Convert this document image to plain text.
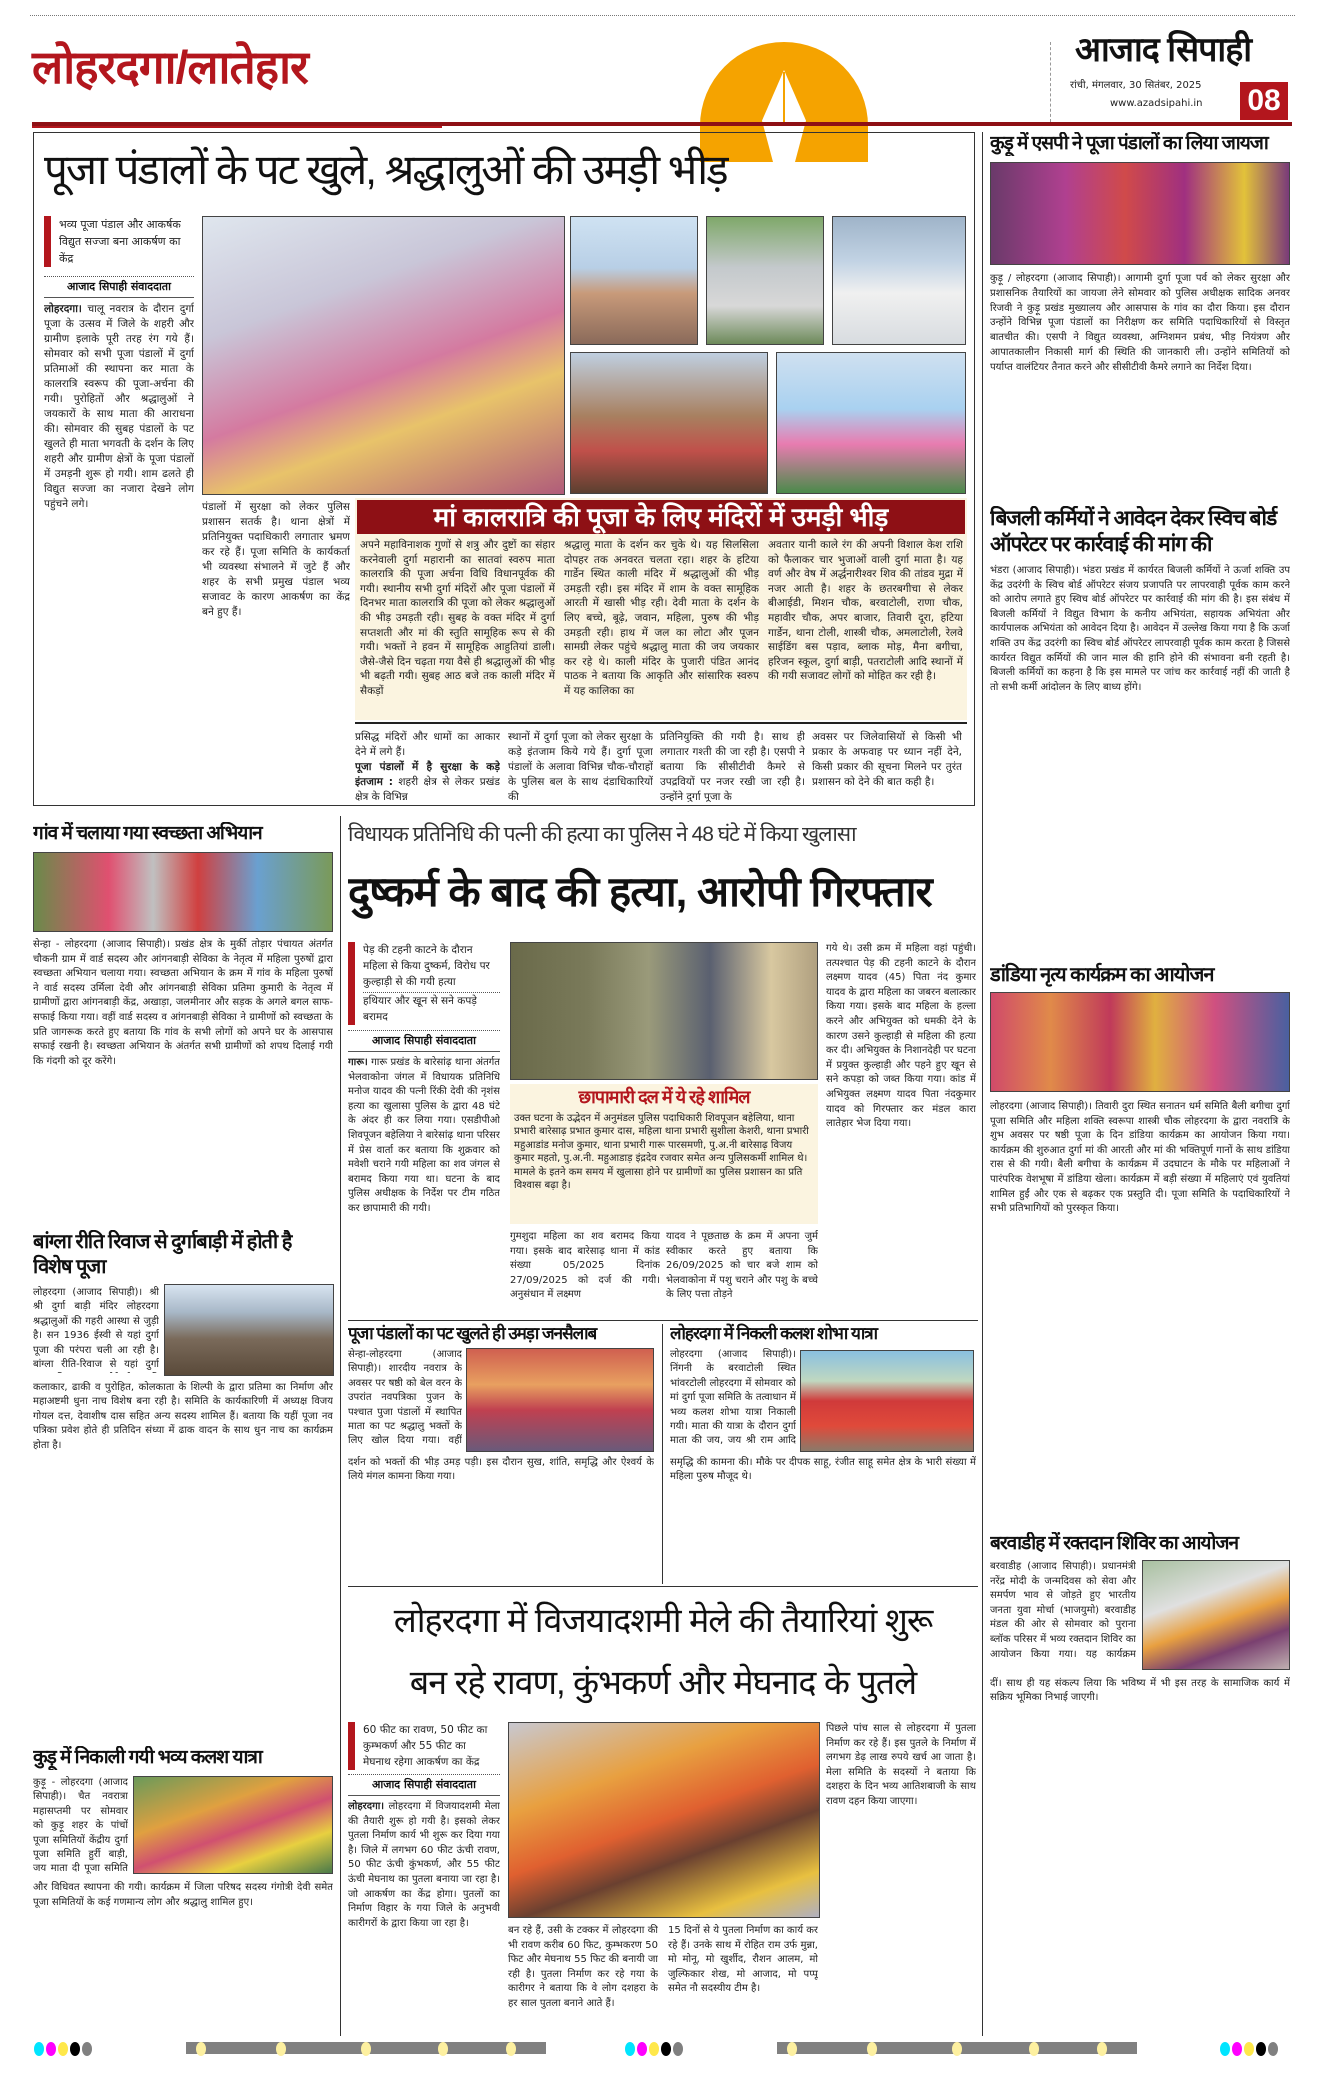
लोहरदगा/लातेहार	आजाद सिपाही
रांची, मंगलवार, 30 सितंबर, 2025
www.azadsipahi.in 08
पूजा पंडालों के पट खुले, श्रद्धालुओं की उमड़ी भीड़
भव्य पूजा पंडाल और आकर्षक
विद्युत सज्जा बना आकर्षण का केंद्र
आजाद सिपाही संवाददाता
लोहरदगा। चालू नवरात्र के दौरान दुर्गा पूजा के उत्सव में जिले के शहरी और ग्रामीण इलाके पूरी तरह रंग गये हैं। सोमवार को सभी पूजा पंडालों में दुर्गा प्रतिमाओं की स्थापना कर माता के कालरात्रि स्वरूप की पूजा-अर्चना की गयी। पुरोहितों और श्रद्धालुओं ने जयकारों के साथ माता की आराधना की। सोमवार की सुबह पंडालों के पट खुलते ही माता भगवती के दर्शन के लिए शहरी और ग्रामीण क्षेत्रों के पूजा पंडालों में उमड़नी शुरू हो गयी। शाम ढलते ही विद्युत सज्जा का नजारा देखने लोग पहुंचने लगे।	पंडालों में सुरक्षा को लेकर पुलिस प्रशासन सतर्क है। थाना क्षेत्रों में प्रतिनियुक्त पदाधिकारी लगातार भ्रमण कर रहे हैं। पूजा समिति के कार्यकर्ता भी व्यवस्था संभालने में जुटे हैं और शहर के सभी प्रमुख पंडाल भव्य सजावट के कारण आकर्षण का केंद्र बने हुए हैं।
मां कालरात्रि की पूजा के लिए मंदिरों में उमड़ी भीड़
अपने महाविनाशक गुणों से शत्रु और दुष्टों का संहार करनेवाली दुर्गा महारानी का सातवां स्वरुप माता कालरात्रि की पूजा अर्चना विधि विधानपूर्वक की गयी। स्थानीय सभी दुर्गा मंदिरों और पूजा पंडालों में दिनभर माता कालरात्रि की पूजा को लेकर श्रद्धालुओं की भीड़ उमड़ती रही। सुबह के वक्त मंदिर में दुर्गा सप्तशती और मां की स्तुति सामूहिक रूप से की गयी। भक्तों ने हवन में सामूहिक आहुतियां डाली। जैसे-जैसे दिन चढ़ता गया वैसे ही श्रद्धालुओं की भीड़ भी बढ़ती गयी। सुबह आठ बजे तक काली मंदिर में सैकड़ों
श्रद्धालु माता के दर्शन कर चुके थे। यह सिलसिला दोपहर तक अनवरत चलता रहा। शहर के हटिया गार्डेन स्थित काली मंदिर में श्रद्धालुओं की भीड़ उमड़ती रही। इस मंदिर में शाम के वक्त सामूहिक आरती में खासी भीड़ रही। देवी माता के दर्शन के लिए बच्चे, बूढ़े, जवान, महिला, पुरुष की भीड़ उमड़ती रही। हाथ में जल का लोटा और पूजन सामग्री लेकर पहुंचे श्रद्धालु माता की जय जयकार कर रहे थे। काली मंदिर के पुजारी पंडित आनंद पाठक ने बताया कि आकृति और सांसारिक स्वरुप में यह कालिका का
अवतार यानी काले रंग की अपनी विशाल केश राशि को फैलाकर चार भुजाओं वाली दुर्गा माता है। यह वर्ण और वेष में अर्द्धनारीश्वर शिव की तांडव मुद्रा में नजर आती है। शहर के छतरबगीचा से लेकर बीआईडी, मिशन चौक, बरवाटोली, राणा चौक, महावीर चौक, अपर बाजार, तिवारी दूरा, हटिया गार्डेन, थाना टोली, शास्त्री चौक, अमलाटोली, रेलवे साईडिंग बस पड़ाव, ब्लाक मोड़, मैना बगीचा, हरिजन स्कूल, दुर्गा बाड़ी, पतराटोली आदि स्थानों में की गयी सजावट लोगों को मोहित कर रही है।
प्रसिद्ध मंदिरों और धामों का आकार देने में लगे हैं।
पूजा पंडालों में है सुरक्षा के कड़े इंतजाम : शहरी क्षेत्र से लेकर प्रखंड क्षेत्र के विभिन्न
स्थानों में दुर्गा पूजा को लेकर सुरक्षा के कड़े इंतजाम किये गये हैं। दुर्गा पूजा पंडालों के अलावा विभिन्न चौक-चौराहों के पुलिस बल के साथ दंडाधिकारियों की
प्रतिनियुक्ति की गयी है। साथ ही लगातार गश्ती की जा रही है। एसपी ने बताया कि सीसीटीवी कैमरे से उपद्रवियों पर नजर रखी जा रही है। उन्होंने दुर्गा पूजा के
अवसर पर जिलेवासियों से किसी भी प्रकार के अफवाह पर ध्यान नहीं देने, किसी प्रकार की सूचना मिलने पर तुरंत प्रशासन को देने की बात कही है।
कुड़ू में एसपी ने पूजा पंडालों का लिया जायजा
कुड़ू / लोहरदगा (आजाद सिपाही)। आगामी दुर्गा पूजा पर्व को लेकर सुरक्षा और प्रशासनिक तैयारियों का जायजा लेने सोमवार को पुलिस अधीक्षक सादिक अनवर रिजवी ने कुड़ू प्रखंड मुख्यालय और आसपास के गांव का दौरा किया। इस दौरान उन्होंने विभिन्न पूजा पंडालों का निरीक्षण कर समिति पदाधिकारियों से विस्तृत बातचीत की। एसपी ने विद्युत व्यवस्था, अग्निशमन प्रबंध, भीड़ नियंत्रण और आपातकालीन निकासी मार्ग की स्थिति की जानकारी ली। उन्होंने समितियों को पर्याप्त वालंटियर तैनात करने और सीसीटीवी कैमरे लगाने का निर्देश दिया।
बिजली कर्मियों ने आवेदन देकर स्विच बोर्ड ऑपरेटर पर कार्रवाई की मांग की
भंडरा (आजाद सिपाही)। भंडरा प्रखंड में कार्यरत बिजली कर्मियों ने ऊर्जा शक्ति उप केंद्र उदरंगी के स्विच बोर्ड ऑपरेटर संजय प्रजापति पर लापरवाही पूर्वक काम करने को आरोप लगाते हुए स्विच बोर्ड ऑपरेटर पर कार्रवाई की मांग की है। इस संबंध में बिजली कर्मियों ने विद्युत विभाग के कनीय अभियंता, सहायक अभियंता और कार्यपालक अभियंता को आवेदन दिया है। आवेदन में उल्लेख किया गया है कि ऊर्जा शक्ति उप केंद्र उदरंगी का स्विच बोर्ड ऑपरेटर लापरवाही पूर्वक काम करता है जिससे कार्यरत विद्युत कर्मियों की जान माल की हानि होने की संभावना बनी रहती है। बिजली कर्मियों का कहना है कि इस मामले पर जांच कर कार्रवाई नहीं की जाती है तो सभी कर्मी आंदोलन के लिए बाध्य होंगे।
डांडिया नृत्य कार्यक्रम का आयोजन
लोहरदगा (आजाद सिपाही)। तिवारी दुरा स्थित सनातन धर्म समिति बैली बगीचा दुर्गा पूजा समिति और महिला शक्ति स्वरूपा शास्त्री चौक लोहरदगा के द्वारा नवरात्रि के शुभ अवसर पर षष्ठी पूजा के दिन डांडिया कार्यक्रम का आयोजन किया गया। कार्यक्रम की शुरुआत दुर्गा मां की आरती और मां की भक्तिपूर्ण गानों के साथ डांडिया रास से की गयी। बैली बगीचा के कार्यक्रम में उदघाटन के मौके पर महिलाओं ने पारंपरिक वेशभूषा में डांडिया खेला। कार्यक्रम में बड़ी संख्या में महिलाएं एवं युवतियां शामिल हुईं और एक से बढ़कर एक प्रस्तुति दी। पूजा समिति के पदाधिकारियों ने सभी प्रतिभागियों को पुरस्कृत किया।
बरवाडीह में रक्तदान शिविर का आयोजन
बरवाडीह (आजाद सिपाही)। प्रधानमंत्री नरेंद्र मोदी के जन्मदिवस को सेवा और समर्पण भाव से जोड़ते हुए भारतीय जनता युवा मोर्चा (भाजयुमो) बरवाडीह मंडल की ओर से सोमवार को पुराना ब्लॉक परिसर में भव्य रक्तदान शिविर का आयोजन किया गया। यह कार्यक्रम
दीं। साथ ही यह संकल्प लिया कि भविष्य में भी इस तरह के सामाजिक कार्य में सक्रिय भूमिका निभाई जाएगी।
गांव में चलाया गया स्वच्छता अभियान
सेन्हा - लोहरदगा (आजाद सिपाही)। प्रखंड क्षेत्र के मुर्की तोड़ार पंचायत अंतर्गत चौकनी ग्राम में वार्ड सदस्य और आंगनबाड़ी सेविका के नेतृत्व में महिला पुरुषों द्वारा स्वच्छता अभियान चलाया गया। स्वच्छता अभियान के क्रम में गांव के महिला पुरुषों ने वार्ड सदस्य उर्मिला देवी और आंगनबाड़ी सेविका प्रतिमा कुमारी के नेतृत्व में ग्रामीणों द्वारा आंगनबाड़ी केंद्र, अखाड़ा, जलमीनार और सड़क के अगले बगल साफ-सफाई किया गया। वहीं वार्ड सदस्य व आंगनबाड़ी सेविका ने ग्रामीणों को स्वच्छता के प्रति जागरूक करते हुए बताया कि गांव के सभी लोगों को अपने घर के आसपास सफाई रखनी है। स्वच्छता अभियान के अंतर्गत सभी ग्रामीणों को शपथ दिलाई गयी कि गंदगी को दूर करेंगे।
बांग्ला रीति रिवाज से दुर्गाबाड़ी में होती है विशेष पूजा
लोहरदगा (आजाद सिपाही)। श्री श्री दुर्गा बाड़ी मंदिर लोहरदगा श्रद्धालुओं की गहरी आस्था से जुड़ी है। सन 1936 ईस्वी से यहां दुर्गा पूजा की परंपरा चली आ रही है। बांग्ला रीति-रिवाज से यहां दुर्गा
कलाकार, ढाकी व पुरोहित, कोलकाता के शिल्पी के द्वारा प्रतिमा का निर्माण और महाअष्टमी धुना नाच विशेष बना रही है। समिति के कार्यकारिणी में अध्यक्ष विजय गोयल दत्त, देवाशीष दास सहित अन्य सदस्य शामिल हैं। बताया कि यहीं पूजा नव पत्रिका प्रवेश होते ही प्रतिदिन संध्या में ढाक वादन के साथ धुन नाच का कार्यक्रम होता है।
कुड़ू में निकाली गयी भव्य कलश यात्रा
कुड़ू - लोहरदगा (आजाद सिपाही)। चैत नवरात्रा महासप्तमी पर सोमवार को कुड़ू शहर के पांचों पूजा समितियों केंद्रीय दुर्गा पूजा समिति हुर्री बाड़ी, जय माता दी पूजा समिति
और विधिवत स्थापना की गयी। कार्यक्रम में जिला परिषद सदस्य गंगोत्री देवी समेत पूजा समितियों के कई गणमान्य लोग और श्रद्धालु शामिल हुए।
विधायक प्रतिनिधि की पत्नी की हत्या का पुलिस ने 48 घंटे में किया खुलासा
दुष्कर्म के बाद की हत्या, आरोपी गिरफ्तार
पेड़ की टहनी काटने के दौरान
महिला से किया दुष्कर्म, विरोध पर
कुल्हाड़ी से की गयी हत्या
हथियार और खून से सने कपड़े बरामद
आजाद सिपाही संवाददाता
गारू। गारू प्रखंड के बारेसांढ़ थाना अंतर्गत भेलवाकोना जंगल में विधायक प्रतिनिधि मनोज यादव की पत्नी रिंकी देवी की नृशंस हत्या का खुलासा पुलिस के द्वारा 48 घंटे के अंदर ही कर लिया गया। एसडीपीओ शिवपूजन बहेलिया ने बारेसांढ़ थाना परिसर में प्रेस वार्ता कर बताया कि शुक्रवार को मवेशी चराने गयी महिला का शव जंगल से बरामद किया गया था। घटना के बाद पुलिस अधीक्षक के निर्देश पर टीम गठित कर छापामारी की गयी।
छापामारी दल में ये रहे शामिल
उक्त घटना के उद्भेदन में अनुमंडल पुलिस पदाधिकारी शिवपूजन बहेलिया, थाना प्रभारी बारेसाढ़ प्रभात कुमार दास, महिला थाना प्रभारी सुशीला केशरी, थाना प्रभारी महुआडांड मनोज कुमार, थाना प्रभारी गारू पारसमणी, पु.अ.नी बारेसाढ़ विजय कुमार महतो, पु.अ.नी. महुआडाड़ इंद्रदेव रजवार समेत अन्य पुलिसकर्मी शामिल थे। मामले के इतने कम समय में खुलासा होने पर ग्रामीणों का पुलिस प्रशासन का प्रति विश्वास बढ़ा है।
गुमशुदा महिला का शव बरामद किया गया। इसके बाद बारेसाढ़ थाना में कांड संख्या 05/2025 दिनांक 27/09/2025 को दर्ज की गयी। अनुसंधान में लक्ष्मण
यादव ने पूछताछ के क्रम में अपना जुर्म स्वीकार करते हुए बताया कि 26/09/2025 को चार बजे शाम को भेलवाकोना में पशु चराने और पशु के बच्चे के लिए पत्ता तोड़ने
गये थे। उसी क्रम में महिला वहां पहुंची। तत्पश्चात पेड़ की टहनी काटने के दौरान लक्ष्मण यादव (45) पिता नंद कुमार यादव के द्वारा महिला का जबरन बलात्कार किया गया। इसके बाद महिला के हल्ला करने और अभियुक्त को धमकी देने के कारण उसने कुल्हाड़ी से महिला की हत्या कर दी। अभियुक्त के निशानदेही पर घटना में प्रयुक्त कुल्हाड़ी और पहने हुए खून से सने कपड़ा को जब्त किया गया। कांड में अभियुक्त लक्ष्मण यादव पिता नंदकुमार यादव को गिरफ्तार कर मंडल कारा लातेहार भेज दिया गया।
पूजा पंडालों का पट खुलते ही उमड़ा जनसैलाब
सेन्हा-लोहरदगा (आजाद सिपाही)। शारदीय नवरात्र के अवसर पर षष्ठी को बेल वरन के उपरांत नवपत्रिका पुजन के पश्चात पुजा पंडालों में स्थापित माता का पट श्रद्धालु भक्तों के लिए खोल दिया गया। वहीं
दर्शन को भक्तों की भीड़ उमड़ पड़ी। इस दौरान सुख, शांति, समृद्धि और ऐश्वर्य के लिये मंगल कामना किया गया।
लोहरदगा में निकली कलश शोभा यात्रा
लोहरदगा (आजाद सिपाही)। निंगनी के बरवाटोली स्थित भांवरटोली लोहरदगा में सोमवार को मां दुर्गा पूजा समिति के तत्वाधान में भव्य कलश शोभा यात्रा निकाली गयी। माता की यात्रा के दौरान दुर्गा माता की जय, जय श्री राम आदि
समृद्धि की कामना की। मौके पर दीपक साहू, रंजीत साहू समेत क्षेत्र के भारी संख्या में महिला पुरुष मौजूद थे।
लोहरदगा में विजयादशमी मेले की तैयारियां शुरू
बन रहे रावण, कुंभकर्ण और मेघनाद के पुतले
60 फीट का रावण, 50 फीट का
कुम्भकर्ण और 55 फीट का
मेघनाथ रहेगा आकर्षण का केंद्र
आजाद सिपाही संवाददाता
लोहरदगा। लोहरदगा में विजयादशमी मेला की तैयारी शुरू हो गयी है। इसको लेकर पुतला निर्माण कार्य भी शुरू कर दिया गया है। जिले में लगभग 60 फीट ऊंची रावण, 50 फीट ऊंची कुंभकर्ण, और 55 फीट ऊंची मेघनाथ का पुतला बनाया जा रहा है। जो आकर्षण का केंद्र होगा। पुतलों का निर्माण विहार के गया जिले के अनुभवी कारीगरों के द्वारा किया जा रहा है।
बन रहे हैं, उसी के टक्कर में लोहरदगा की भी रावण करीब 60 फिट, कुम्भकरण 50 फिट और मेघनाथ 55 फिट की बनायी जा रही है। पुतला निर्माण कर रहे गया के कारीगर ने बताया कि वे लोग दशहरा के हर साल पुतला बनाने आते हैं।
15 दिनों से ये पुतला निर्माण का कार्य कर रहे हैं। उनके साथ में रोहित राम उर्फ मुन्ना, मो मोनू, मो खुर्शीद, रौशन आलम, मो जुल्फिकार शेख, मो आजाद, मो पप्पू समेत नौ सदस्यीय टीम है।
पिछले पांच साल से लोहरदगा में पुतला निर्माण कर रहे हैं। इस पुतले के निर्माण में लगभग डेढ़ लाख रुपये खर्च आ जाता है। मेला समिति के सदस्यों ने बताया कि दशहरा के दिन भव्य आतिशबाजी के साथ रावण दहन किया जाएगा।
